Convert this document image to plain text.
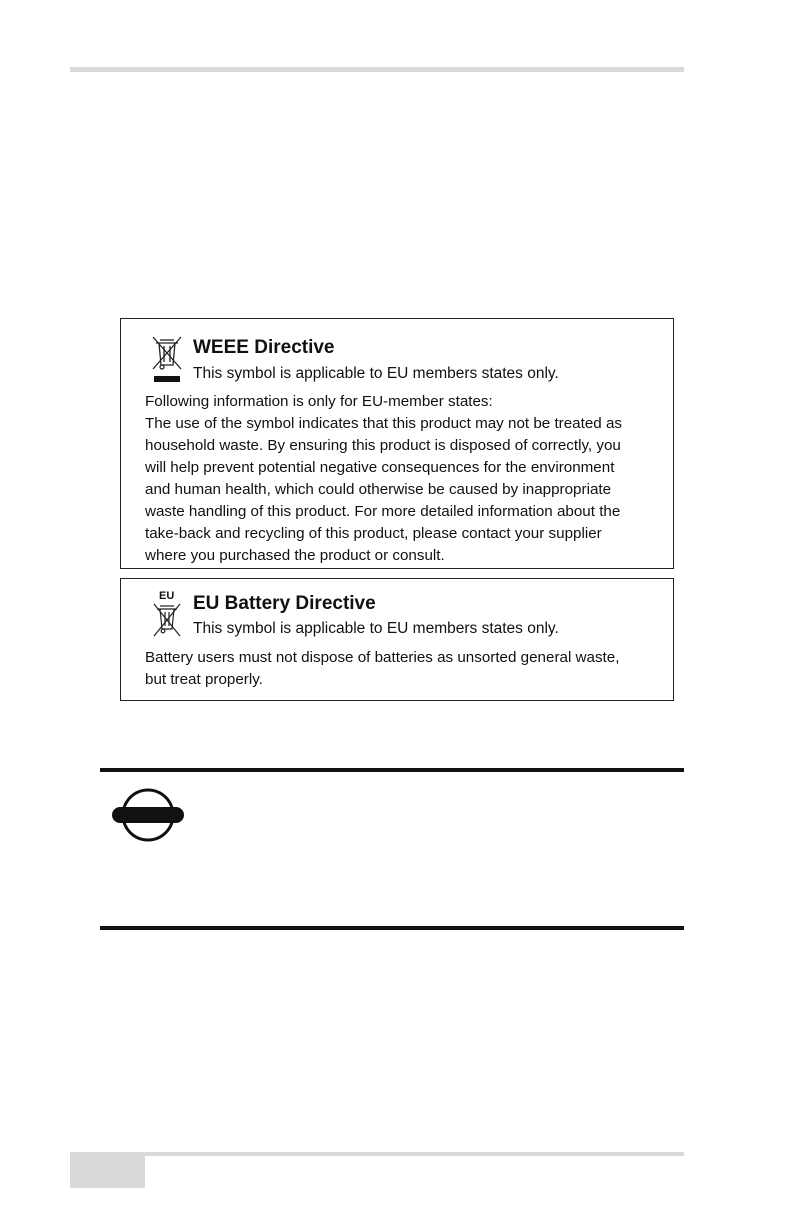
WEEE Directive
This symbol is applicable to EU members states only.
Following information is only for EU-member states:
The use of the symbol indicates that this product may not be treated as
household waste. By ensuring this product is disposed of correctly, you
will help prevent potential negative consequences for the environment
and human health, which could otherwise be caused by inappropriate
waste handling of this product. For more detailed information about the
take-back and recycling of this product, please contact your supplier
where you purchased the product or consult.
EU EU Battery Directive
This symbol is applicable to EU members states only.
Battery users must not dispose of batteries as unsorted general waste,
but treat properly.
